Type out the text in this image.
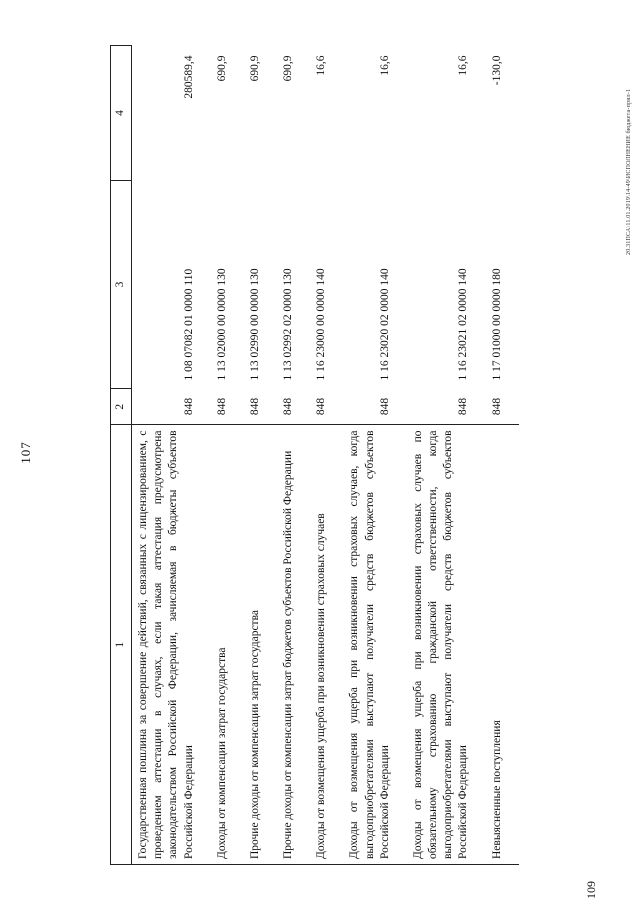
107
1	2	3	4
Государственная пошлина за совершение действий, связанных с лицензированием, с проведением аттестации в случаях, если такая аттестация предусмотрена законодательством Российской Федерации, зачисляемая в бюджеты субъектов Российской Федерации	848	1 08 07082 01 0000 110	280589,4
Доходы от компенсации затрат государства	848	1 13 02000 00 0000 130	690,9
Прочие доходы от компенсации затрат государства	848	1 13 02990 00 0000 130	690,9
Прочие доходы от компенсации затрат бюджетов субъектов Российской Федерации	848	1 13 02992 02 0000 130	690,9
Доходы от возмещения ущерба при возникновении страховых случаев	848	1 16 23000 00 0000 140	16,6
Доходы от возмещения ущерба при возникновении страховых случаев, когда выгодоприобретателями выступают получатели средств бюджетов субъектов Российской Федерации	848	1 16 23020 02 0000 140	16,6
Доходы от возмещения ущерба при возникновении страховых случаев по обязательному страхованию гражданской ответственности, когда выгодоприобретателями выступают получатели средств бюджетов субъектов Российской Федерации	848	1 16 23021 02 0000 140	16,6
Невыясненные поступления	848	1 17 01000 00 0000 180	-130,0
109
20.31ПСА\11.01.2019\14-49\ИСПОЛНЕНИЕ бюджета-прил-1
